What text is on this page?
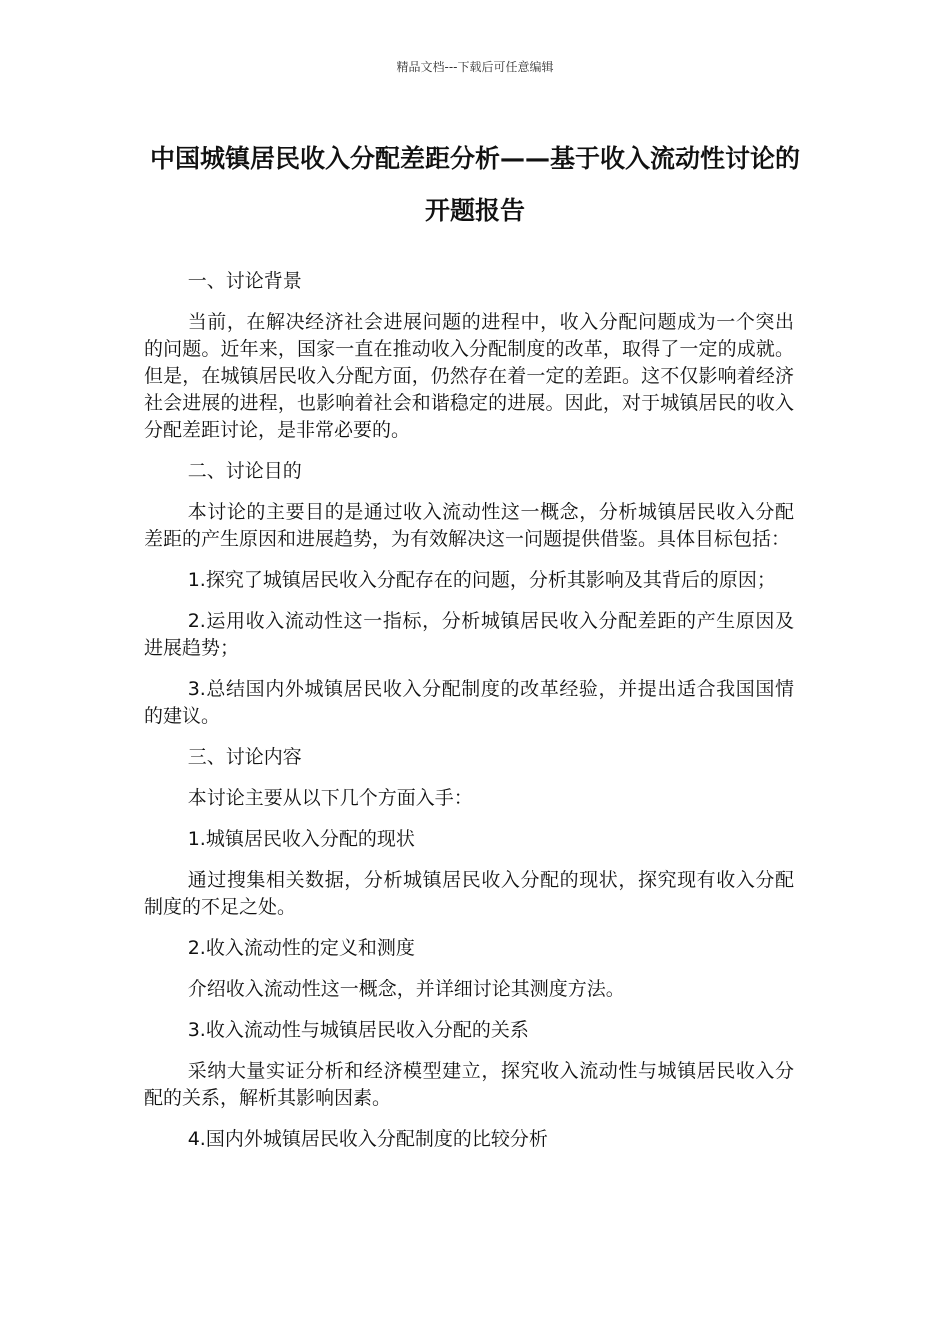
精品文档---下载后可任意编辑
中国城镇居民收入分配差距分析——基于收入流动性讨论的开题报告

一、讨论背景

当前，在解决经济社会进展问题的进程中，收入分配问题成为一个突出的问题。近年来，国家一直在推动收入分配制度的改革，取得了一定的成就。但是，在城镇居民收入分配方面，仍然存在着一定的差距。这不仅影响着经济社会进展的进程，也影响着社会和谐稳定的进展。因此，对于城镇居民的收入分配差距讨论，是非常必要的。

二、讨论目的

本讨论的主要目的是通过收入流动性这一概念，分析城镇居民收入分配差距的产生原因和进展趋势，为有效解决这一问题提供借鉴。具体目标包括：

1.探究了城镇居民收入分配存在的问题，分析其影响及其背后的原因；

2.运用收入流动性这一指标，分析城镇居民收入分配差距的产生原因及进展趋势；

3.总结国内外城镇居民收入分配制度的改革经验，并提出适合我国国情的建议。

三、讨论内容

本讨论主要从以下几个方面入手：

1.城镇居民收入分配的现状

通过搜集相关数据，分析城镇居民收入分配的现状，探究现有收入分配制度的不足之处。

2.收入流动性的定义和测度

介绍收入流动性这一概念，并详细讨论其测度方法。

3.收入流动性与城镇居民收入分配的关系

采纳大量实证分析和经济模型建立，探究收入流动性与城镇居民收入分配的关系，解析其影响因素。

4.国内外城镇居民收入分配制度的比较分析
